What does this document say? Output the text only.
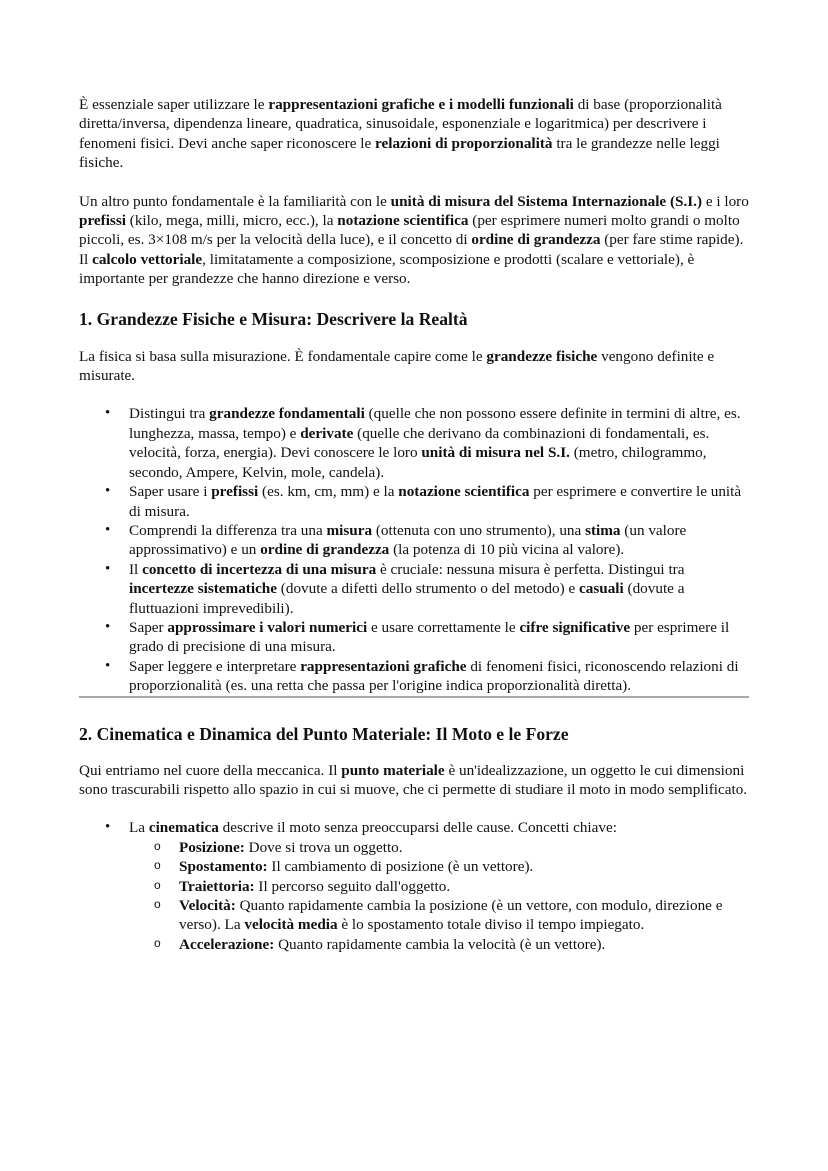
È essenziale saper utilizzare le rappresentazioni grafiche e i modelli funzionali di base (proporzionalità diretta/inversa, dipendenza lineare, quadratica, sinusoidale, esponenziale e logaritmica) per descrivere i fenomeni fisici. Devi anche saper riconoscere le relazioni di proporzionalità tra le grandezze nelle leggi fisiche.

Un altro punto fondamentale è la familiarità con le unità di misura del Sistema Internazionale (S.I.) e i loro prefissi (kilo, mega, milli, micro, ecc.), la notazione scientifica (per esprimere numeri molto grandi o molto piccoli, es. 3×108 m/s per la velocità della luce), e il concetto di ordine di grandezza (per fare stime rapide). Il calcolo vettoriale, limitatamente a composizione, scomposizione e prodotti (scalare e vettoriale), è importante per grandezze che hanno direzione e verso.

1. Grandezze Fisiche e Misura: Descrivere la Realtà

La fisica si basa sulla misurazione. È fondamentale capire come le grandezze fisiche vengono definite e misurate.

• Distingui tra grandezze fondamentali (quelle che non possono essere definite in termini di altre, es. lunghezza, massa, tempo) e derivate (quelle che derivano da combinazioni di fondamentali, es. velocità, forza, energia). Devi conoscere le loro unità di misura nel S.I. (metro, chilogrammo, secondo, Ampere, Kelvin, mole, candela).
• Saper usare i prefissi (es. km, cm, mm) e la notazione scientifica per esprimere e convertire le unità di misura.
• Comprendi la differenza tra una misura (ottenuta con uno strumento), una stima (un valore approssimativo) e un ordine di grandezza (la potenza di 10 più vicina al valore).
• Il concetto di incertezza di una misura è cruciale: nessuna misura è perfetta. Distingui tra incertezze sistematiche (dovute a difetti dello strumento o del metodo) e casuali (dovute a fluttuazioni imprevedibili).
• Saper approssimare i valori numerici e usare correttamente le cifre significative per esprimere il grado di precisione di una misura.
• Saper leggere e interpretare rappresentazioni grafiche di fenomeni fisici, riconoscendo relazioni di proporzionalità (es. una retta che passa per l'origine indica proporzionalità diretta).
2. Cinematica e Dinamica del Punto Materiale: Il Moto e le Forze

Qui entriamo nel cuore della meccanica. Il punto materiale è un'idealizzazione, un oggetto le cui dimensioni sono trascurabili rispetto allo spazio in cui si muove, che ci permette di studiare il moto in modo semplificato.

• La cinematica descrive il moto senza preoccuparsi delle cause. Concetti chiave:
o Posizione: Dove si trova un oggetto.
o Spostamento: Il cambiamento di posizione (è un vettore).
o Traiettoria: Il percorso seguito dall'oggetto.
o Velocità: Quanto rapidamente cambia la posizione (è un vettore, con modulo, direzione e verso). La velocità media è lo spostamento totale diviso il tempo impiegato.
o Accelerazione: Quanto rapidamente cambia la velocità (è un vettore).
